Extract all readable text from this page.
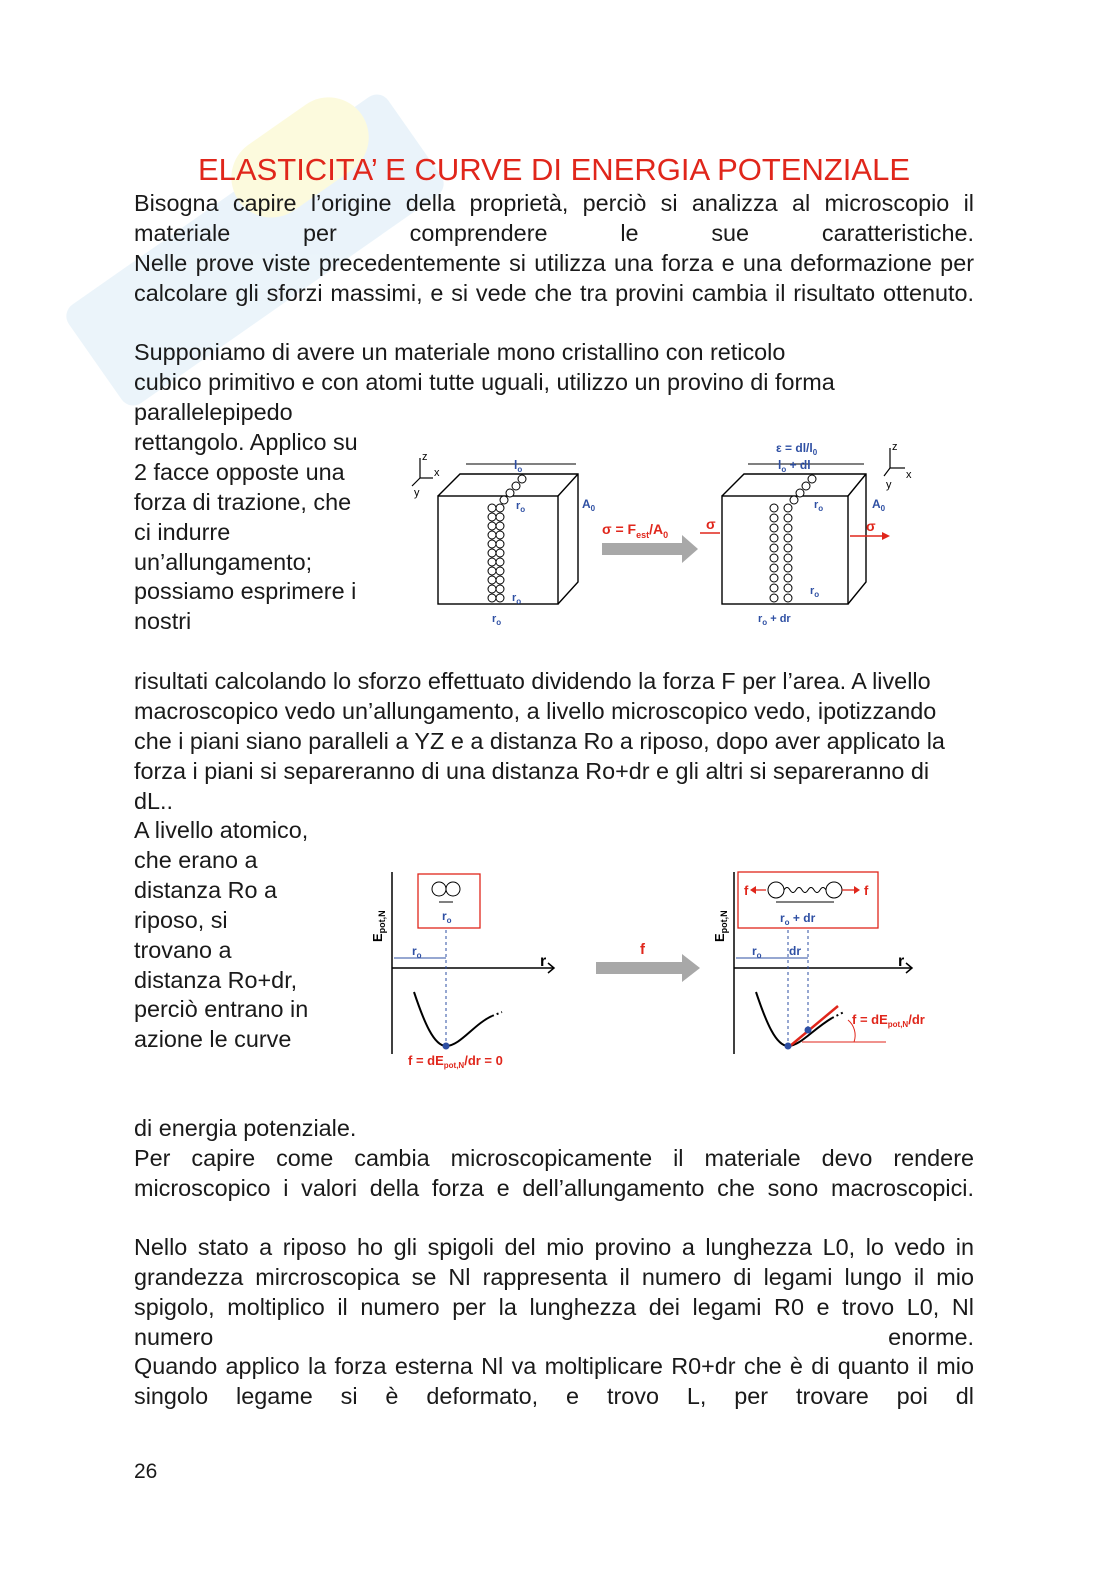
ELASTICITA’ E CURVE DI ENERGIA POTENZIALE

Bisogna capire l’origine della proprietà, perciò si analizza al microscopio il materiale per comprendere le sue caratteristiche.

Nelle prove viste precedentemente si utilizza una forza e una deformazione per calcolare gli sforzi massimi, e si vede che tra provini cambia il risultato ottenuto.

Supponiamo di avere un materiale mono cristallino con reticolo cubico primitivo e con atomi tutte uguali, utilizzo un provino di forma

parallelepipedo rettangolo. Applico su 2 facce opposte una forza di trazione, che ci indurre un’allungamento; possiamo esprimere i nostri

z
x
y
$l_o$
$r_o$	$A_0$
$r_o$
$r_o$
$\sigma = F_{est}/A_0$
σ
$\varepsilon = dl/l_0$
$l_o$ + dl
$r_o$	$A_0$
$r_o$
$r_o$ + dr
σ
z
x
y

risultati calcolando lo sforzo effettuato dividendo la forza F per l’area. A livello macroscopico vedo un’allungamento, a livello microscopico vedo, ipotizzando che i piani siano paralleli a YZ e a distanza Ro a riposo, dopo aver applicato la forza i piani si separeranno di una distanza Ro+dr e gli altri si separeranno di dL..

A livello atomico, che erano a distanza Ro a riposo, si trovano a distanza Ro+dr, perciò entrano in azione le curve

di energia potenziale.

r
$E_{pot,N}$	$r_o$
$r_o$
$f = dE_{pot,N}/dr = 0$
f
r
$E_{pot,N}$
f	f
$r_o$ + dr
$r_o$ dr
$f = dE_{pot,N}/dr$

Per capire come cambia microscopicamente il materiale devo rendere microscopico i valori della forza e dell’allungamento che sono macroscopici.

Nello stato a riposo ho gli spigoli del mio provino a lunghezza L0, lo vedo in grandezza mircroscopica se Nl rappresenta il numero di legami lungo il mio spigolo, moltiplico il numero per la lunghezza dei legami R0 e trovo L0, Nl numero enorme.

Quando applico la forza esterna Nl va moltiplicare R0+dr che è di quanto il mio singolo legame si è deformato, e trovo L, per trovare poi dl

26
